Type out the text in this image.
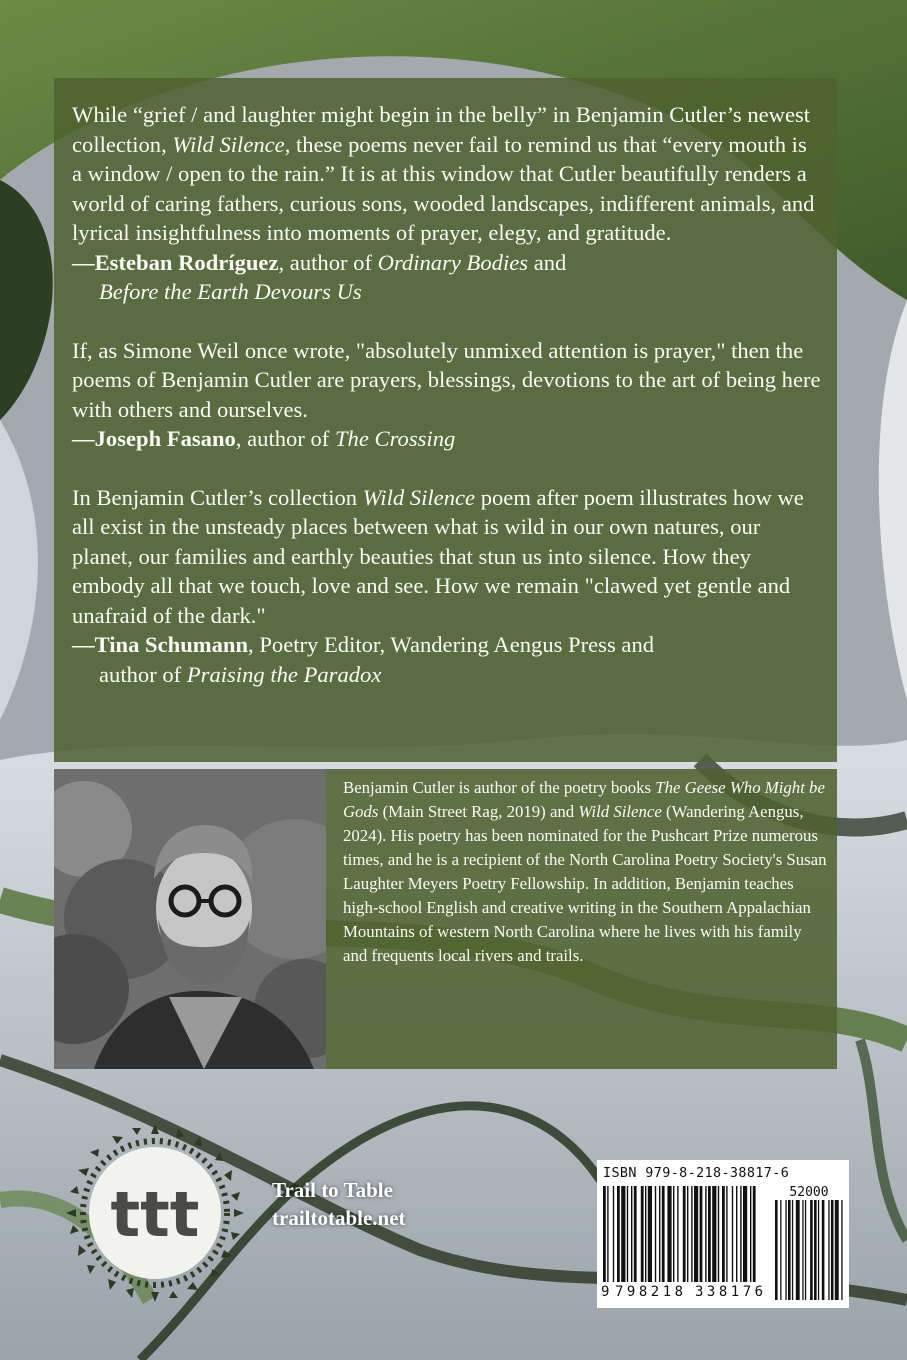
While “grief / and laughter might begin in the belly” in Benjamin Cutler’s newest collection, Wild Silence, these poems never fail to remind us that “every mouth is a window / open to the rain.” It is at this window that Cutler beautifully renders a world of caring fathers, curious sons, wooded landscapes, indifferent animals, and lyrical insightfulness into moments of prayer, elegy, and gratitude.

—Esteban Rodríguez, author of Ordinary Bodies and

Before the Earth Devours Us

If, as Simone Weil once wrote, "absolutely unmixed attention is prayer," then the poems of Benjamin Cutler are prayers, blessings, devotions to the art of being here with others and ourselves.

—Joseph Fasano, author of The Crossing

In Benjamin Cutler’s collection Wild Silence poem after poem illustrates how we all exist in the unsteady places between what is wild in our own natures, our planet, our families and earthly beauties that stun us into silence. How they embody all that we touch, love and see. How we remain "clawed yet gentle and unafraid of the dark."

—Tina Schumann, Poetry Editor, Wandering Aengus Press and

author of Praising the Paradox

Benjamin Cutler is author of the poetry books The Geese Who Might be Gods (Main Street Rag, 2019) and Wild Silence (Wandering Aengus, 2024). His poetry has been nominated for the Pushcart Prize numerous times, and he is a recipient of the North Carolina Poetry Society's Susan Laughter Meyers Poetry Fellowship. In addition, Benjamin teaches high-school English and creative writing in the Southern Appalachian Mountains of western North Carolina where he lives with his family and frequents local rivers and trails.
ttt	Trail to Table
trailtotable.net
ISBN 979-8-218-38817-6
52000
9 798218 338176
